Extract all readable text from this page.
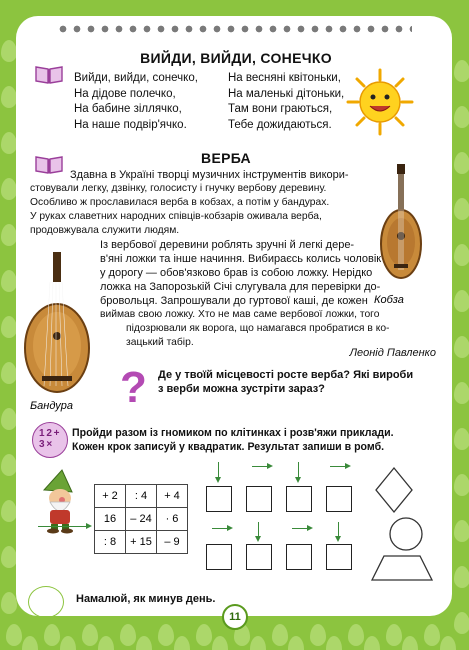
ВИЙДИ, ВИЙДИ, СОНЕЧКО
Вийди, вийди, сонечко,
На дідове полечко,
На бабине зіллячко,
На наше подвір'ячко.
На весняні квітоньки,
На маленькі дітоньки,
Там вони граються,
Тебе дожидаються.
ВЕРБА
Здавна в Україні творці музичних інструментів викори-
стовували легку, дзвінку, голосисту і гнучку вербову деревину.
Особливо ж прославилася верба в кобзах, а потім у бандурах.
У руках славетних народних співців-кобзарів оживала верба,
продовжувала служити людям.
Кобза
Бандура
Із вербової деревини роблять зручні й легкі дере-
в'яні ложки та інше начиння. Вибираєсь колись чоловік
у дорогу — обов'язково брав із собою ложку. Нерідко
ложка на Запорозькій Січі слугувала для перевірки до-
бровольця. Запрошували до гуртової каші, де кожен
виймав свою ложку. Хто не мав саме вербової ложки, того
підозрювали як ворога, що намагався пробратися в ко-
зацький табір.
Леонід Павленко
? Де у твоїй місцевості росте верба? Які вироби
з верби можна зустріти зараз?
1 2 + 3 ×
Пройди разом із гномиком по клітинках і розв'яжи приклади.
Кожен крок записуй у квадратик. Результат запиши в ромб.
+ 2	: 4	+ 4
16	– 24	· 6
: 8	+ 15	– 9
Намалюй, як минув день.
11
